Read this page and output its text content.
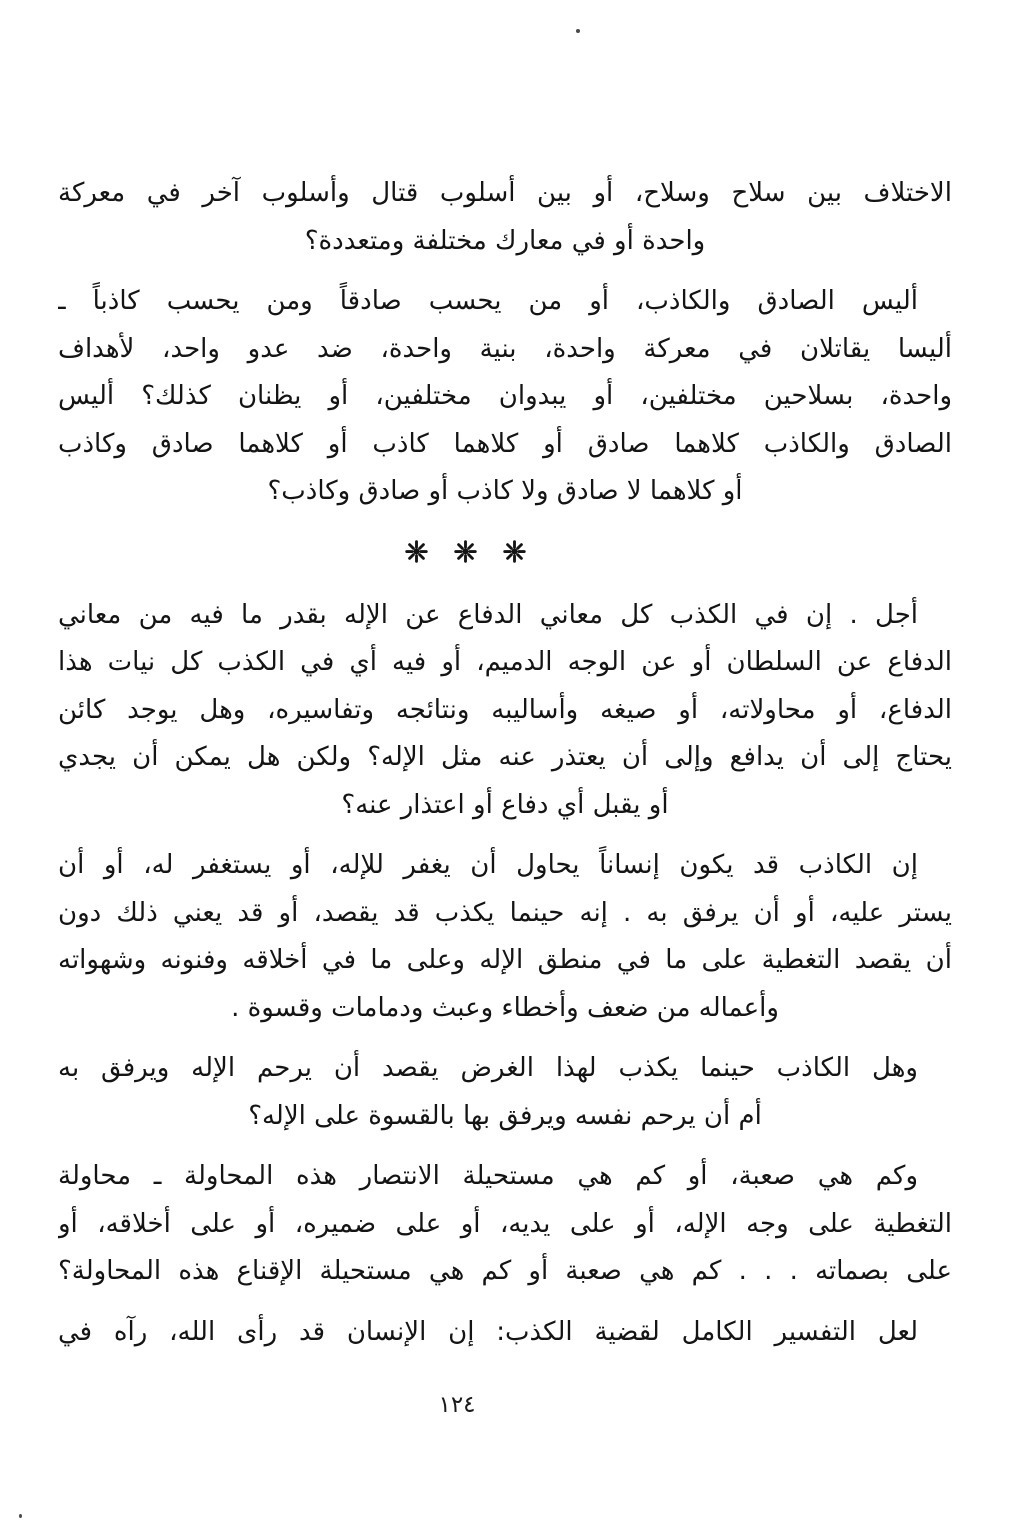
الاختلاف بين سلاح وسلاح، أو بين أسلوب قتال وأسلوب آخر في معركة
واحدة أو في معارك مختلفة ومتعددة؟
أليس الصادق والكاذب، أو من يحسب صادقاً ومن يحسب كاذباً ـ
أليسا يقاتلان في معركة واحدة، بنية واحدة، ضد عدو واحد، لأهداف
واحدة، بسلاحين مختلفين، أو يبدوان مختلفين، أو يظنان كذلك؟ أليس
الصادق والكاذب كلاهما صادق أو كلاهما كاذب أو كلاهما صادق وكاذب
أو كلاهما لا صادق ولا كاذب أو صادق وكاذب؟
أجل . إن في الكذب كل معاني الدفاع عن الإله بقدر ما فيه من معاني
الدفاع عن السلطان أو عن الوجه الدميم، أو فيه أي في الكذب كل نيات هذا
الدفاع، أو محاولاته، أو صيغه وأساليبه ونتائجه وتفاسيره، وهل يوجد كائن
يحتاج إلى أن يدافع وإلى أن يعتذر عنه مثل الإله؟ ولكن هل يمكن أن يجدي
أو يقبل أي دفاع أو اعتذار عنه؟
إن الكاذب قد يكون إنساناً يحاول أن يغفر للإله، أو يستغفر له، أو أن
يستر عليه، أو أن يرفق به . إنه حينما يكذب قد يقصد، أو قد يعني ذلك دون
أن يقصد التغطية على ما في منطق الإله وعلى ما في أخلاقه وفنونه وشهواته
وأعماله من ضعف وأخطاء وعبث ودمامات وقسوة .
وهل الكاذب حينما يكذب لهذا الغرض يقصد أن يرحم الإله ويرفق به
أم أن يرحم نفسه ويرفق بها بالقسوة على الإله؟
وكم هي صعبة، أو كم هي مستحيلة الانتصار هذه المحاولة ـ محاولة
التغطية على وجه الإله، أو على يديه، أو على ضميره، أو على أخلاقه، أو
على بصماته . . . كم هي صعبة أو كم هي مستحيلة الإقناع هذه المحاولة؟
لعل التفسير الكامل لقضية الكذب: إن الإنسان قد رأى الله، رآه في
١٢٤
